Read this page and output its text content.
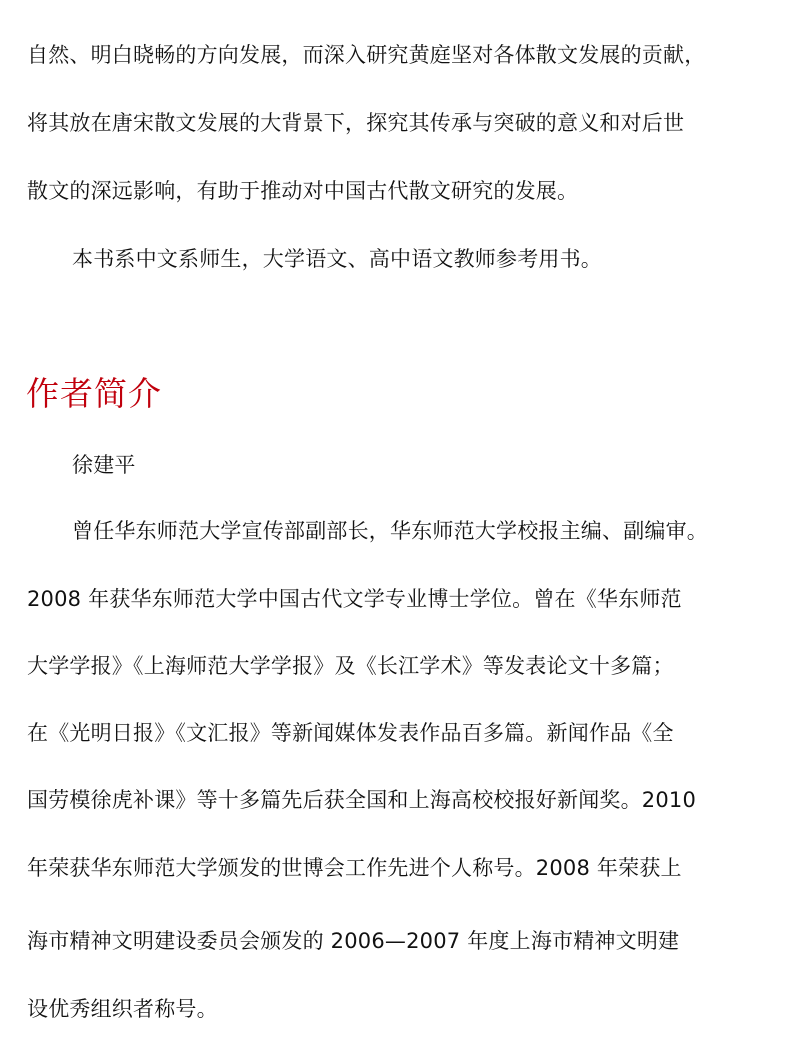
自然、明白晓畅的方向发展，而深入研究黄庭坚对各体散文发展的贡献，
将其放在唐宋散文发展的大背景下，探究其传承与突破的意义和对后世
散文的深远影响，有助于推动对中国古代散文研究的发展。
本书系中文系师生，大学语文、高中语文教师参考用书。
作者简介
徐建平
曾任华东师范大学宣传部副部长，华东师范大学校报主编、副编审。
2008 年获华东师范大学中国古代文学专业博士学位。曾在《华东师范
大学学报》《上海师范大学学报》及《长江学术》等发表论文十多篇；
在《光明日报》《文汇报》等新闻媒体发表作品百多篇。新闻作品《全
国劳模徐虎补课》等十多篇先后获全国和上海高校校报好新闻奖。2010
年荣获华东师范大学颁发的世博会工作先进个人称号。2008 年荣获上
海市精神文明建设委员会颁发的 2006—2007 年度上海市精神文明建
设优秀组织者称号。
